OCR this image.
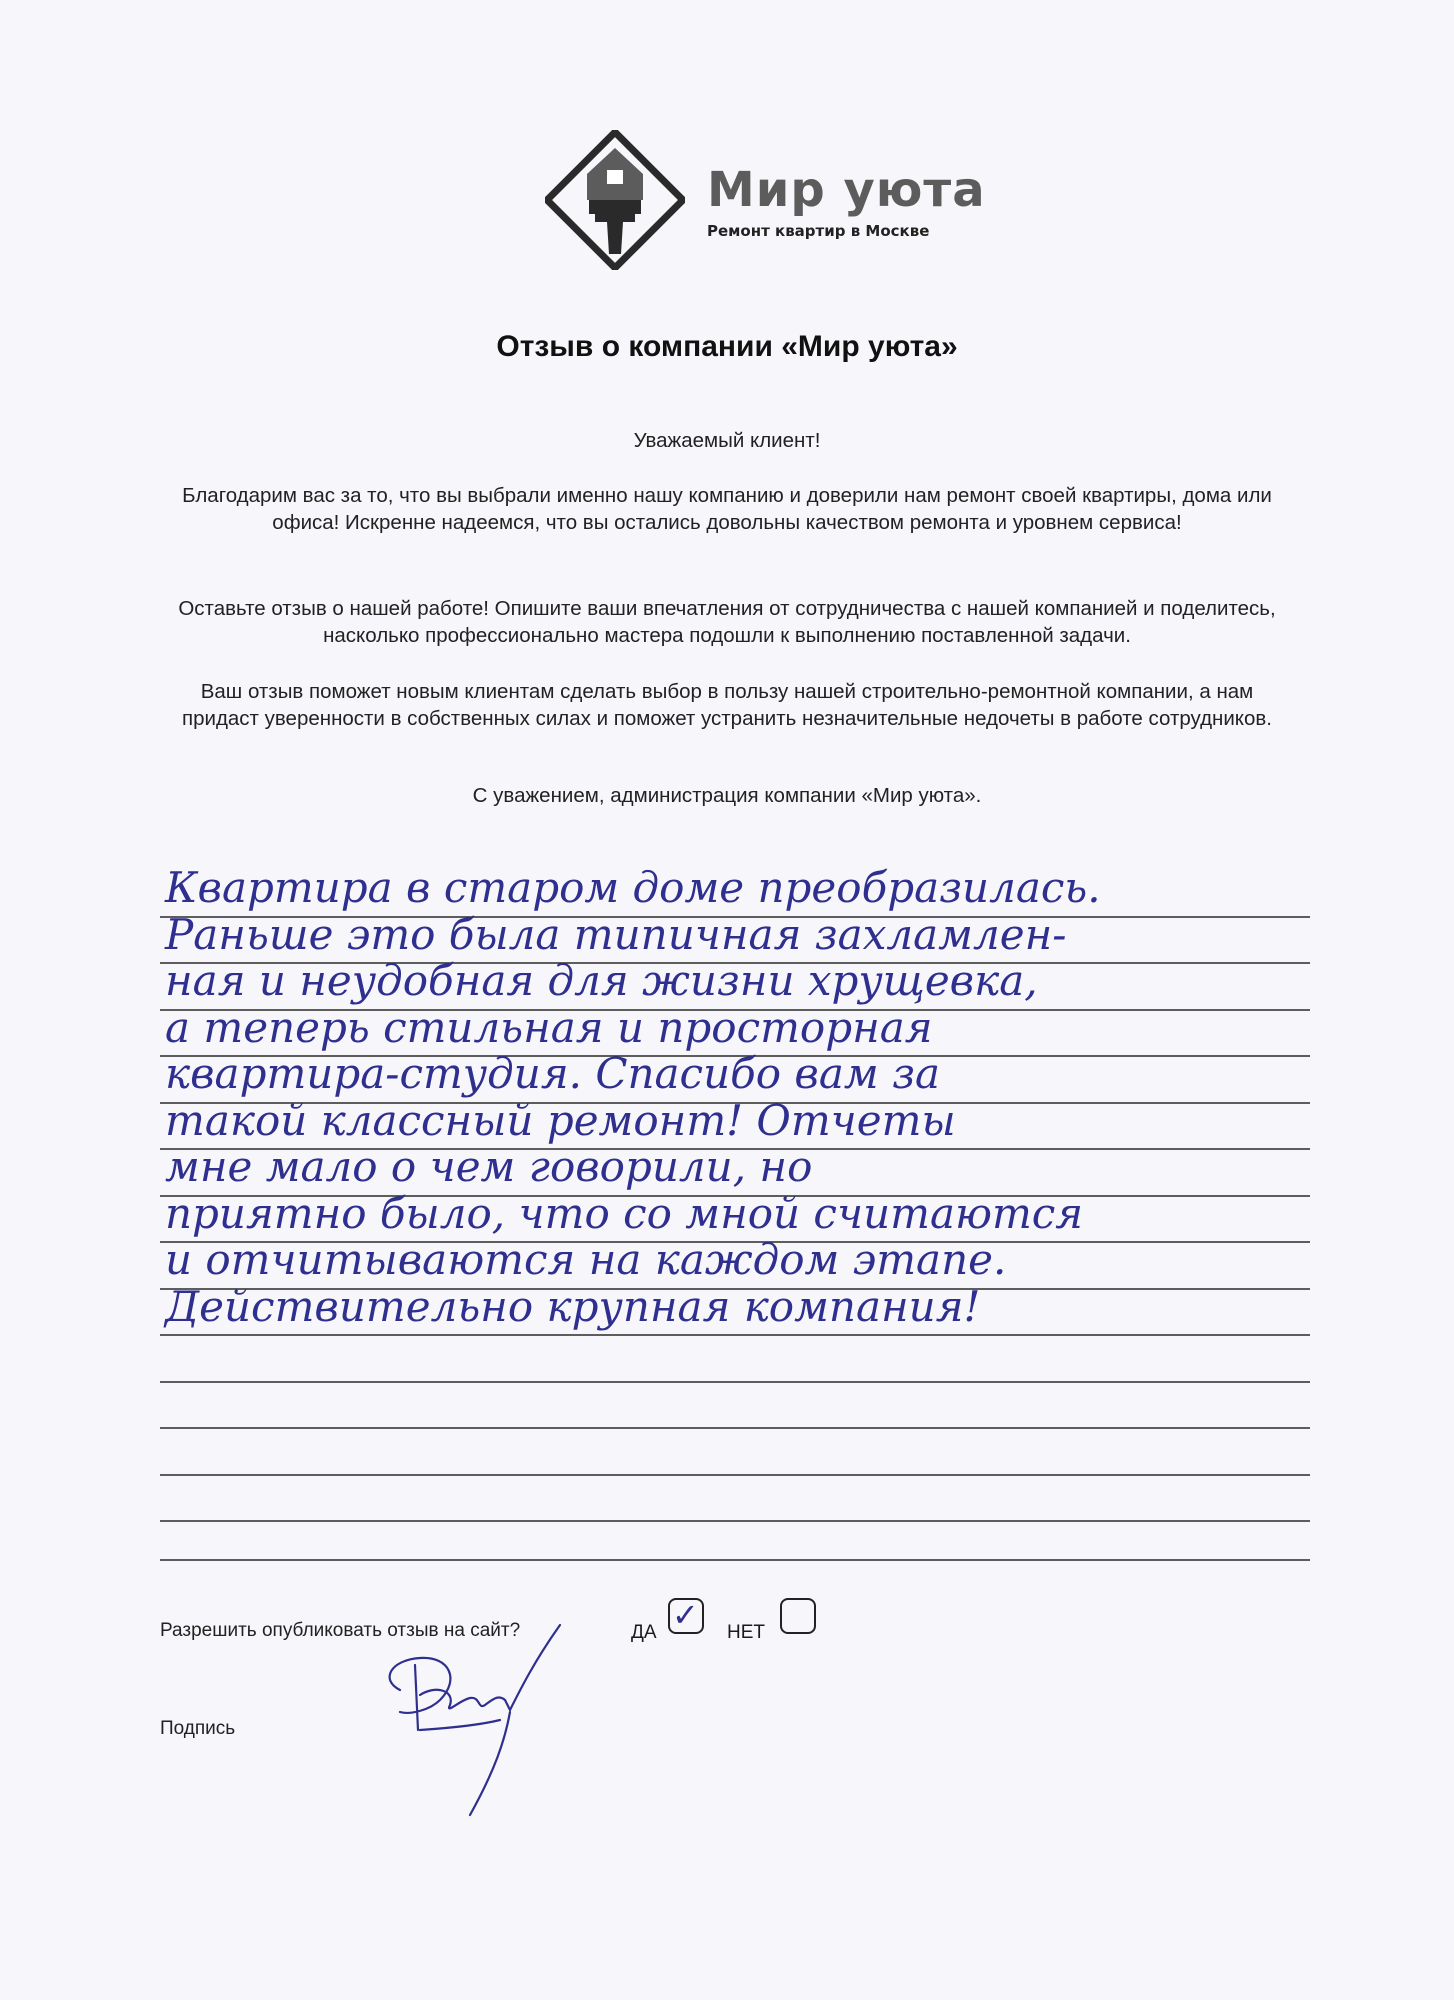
Мир уюта
Ремонт квартир в Москве
Отзыв о компании «Мир уюта»
Уважаемый клиент!
Благодарим вас за то, что вы выбрали именно нашу компанию и доверили нам ремонт своей квартиры, дома или офиса! Искренне надеемся, что вы остались довольны качеством ремонта и уровнем сервиса!
Оставьте отзыв о нашей работе! Опишите ваши впечатления от сотрудничества с нашей компанией и поделитесь, насколько профессионально мастера подошли к выполнению поставленной задачи.
Ваш отзыв поможет новым клиентам сделать выбор в пользу нашей строительно-ремонтной компании, а нам придаст уверенности в собственных силах и поможет устранить незначительные недочеты в работе сотрудников.
С уважением, администрация компании «Мир уюта».
Квартира в старом доме преобразилась.
Раньше это была типичная захламлен-
ная и неудобная для жизни хрущевка,
а теперь стильная и просторная
квартира-студия. Спасибо вам за
такой классный ремонт! Отчеты
мне мало о чем говорили, но
приятно было, что со мной считаются
и отчитываются на каждом этапе.
Действительно крупная компания!
Разрешить опубликовать отзыв на сайт?	ДА ✓ НЕТ
Подпись
